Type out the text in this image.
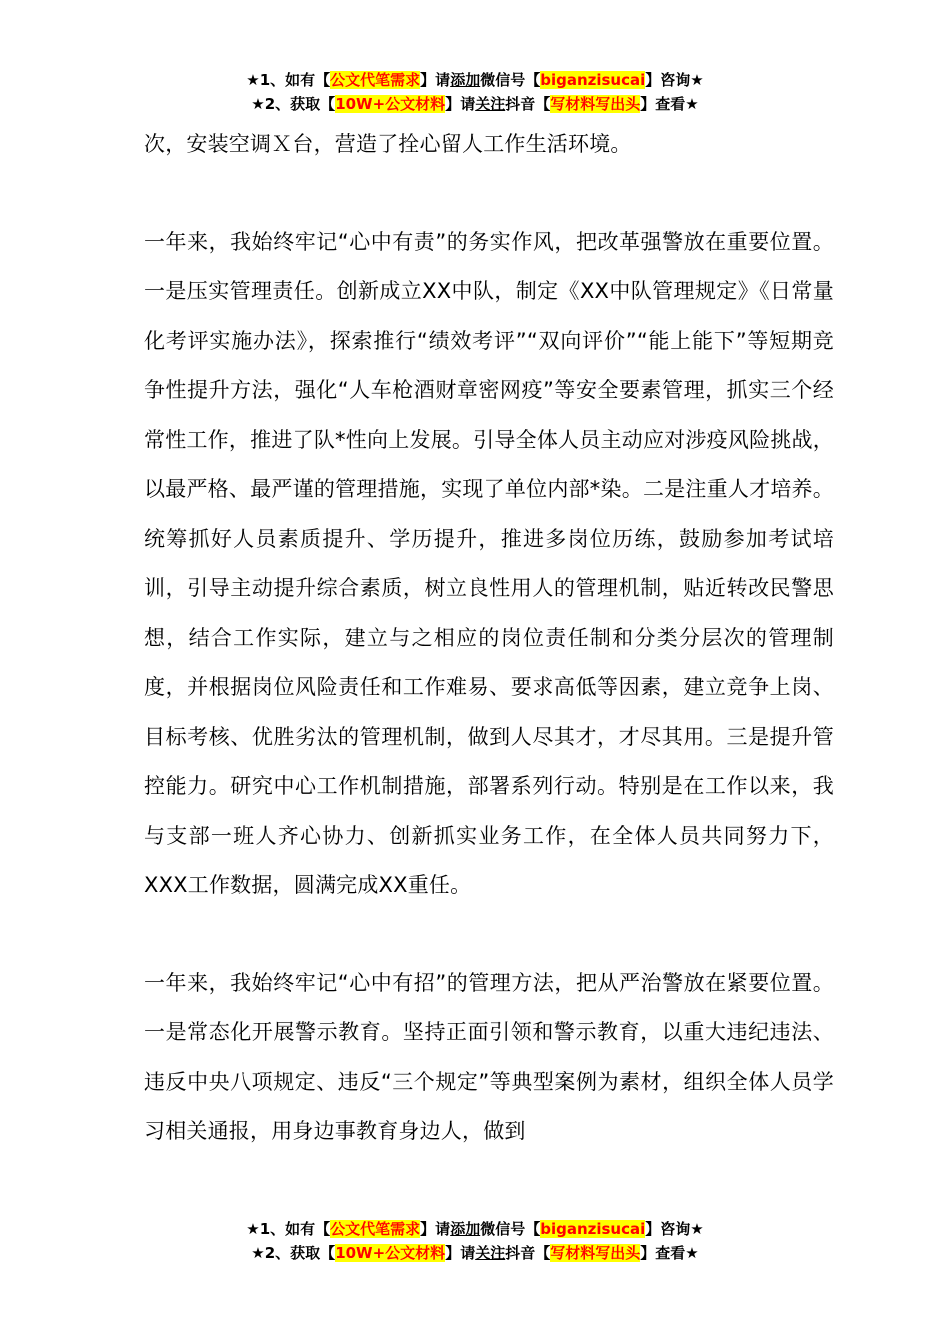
★1、如有【公文代笔需求】请添加微信号【biganzisucai】咨询★
★2、获取【10W+公文材料】请关注抖音【写材料写出头】查看★

次，安装空调Ｘ台，营造了拴心留人工作生活环境。

一年来，我始终牢记“心中有责”的务实作风，把改革强警放在重要位置。一是压实管理责任。创新成立XX中队，制定《XX中队管理规定》《日常量化考评实施办法》，探索推行“绩效考评”“双向评价”“能上能下”等短期竞争性提升方法，强化“人车枪酒财章密网疫”等安全要素管理，抓实三个经常性工作，推进了队*性向上发展。引导全体人员主动应对涉疫风险挑战，以最严格、最严谨的管理措施，实现了单位内部*染。二是注重人才培养。统筹抓好人员素质提升、学历提升，推进多岗位历练，鼓励参加考试培训，引导主动提升综合素质，树立良性用人的管理机制，贴近转改民警思想，结合工作实际，建立与之相应的岗位责任制和分类分层次的管理制度，并根据岗位风险责任和工作难易、要求高低等因素，建立竞争上岗、目标考核、优胜劣汰的管理机制，做到人尽其才，才尽其用。三是提升管控能力。研究中心工作机制措施，部署系列行动。特别是在工作以来，我与支部一班人齐心协力、创新抓实业务工作，在全体人员共同努力下，XXX工作数据，圆满完成XX重任。

一年来，我始终牢记“心中有招”的管理方法，把从严治警放在紧要位置。一是常态化开展警示教育。坚持正面引领和警示教育，以重大违纪违法、违反中央八项规定、违反“三个规定”等典型案例为素材，组织全体人员学习相关通报，用身边事教育身边人，做到

★1、如有【公文代笔需求】请添加微信号【biganzisucai】咨询★
★2、获取【10W+公文材料】请关注抖音【写材料写出头】查看★
